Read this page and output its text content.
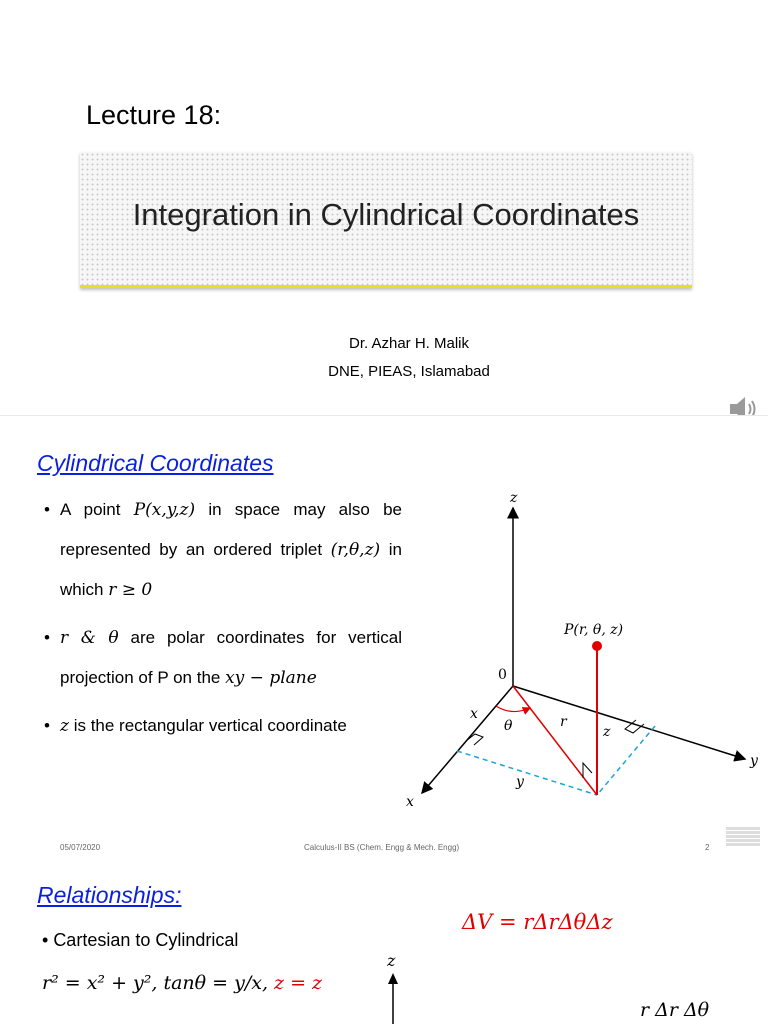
Lecture 18:
Integration in Cylindrical Coordinates
Dr. Azhar H. Malik
DNE, PIEAS, Islamabad
Cylindrical Coordinates
• A point P(x,y,z) in space may also be represented by an ordered triplet (r,θ,z) in which r ≥ 0
• r & θ are polar coordinates for vertical projection of P on the xy − plane
• z is the rectangular vertical coordinate
z
y
x
0
P(r, θ, z)
z
r
θ
x
y
05/07/2020	Calculus-II BS (Chem. Engg & Mech. Engg)	2
Relationships:
ΔV = rΔrΔθΔz
• Cartesian to Cylindrical
r² = x² + y², tanθ = y/x, z = z
z
r Δr Δθ
